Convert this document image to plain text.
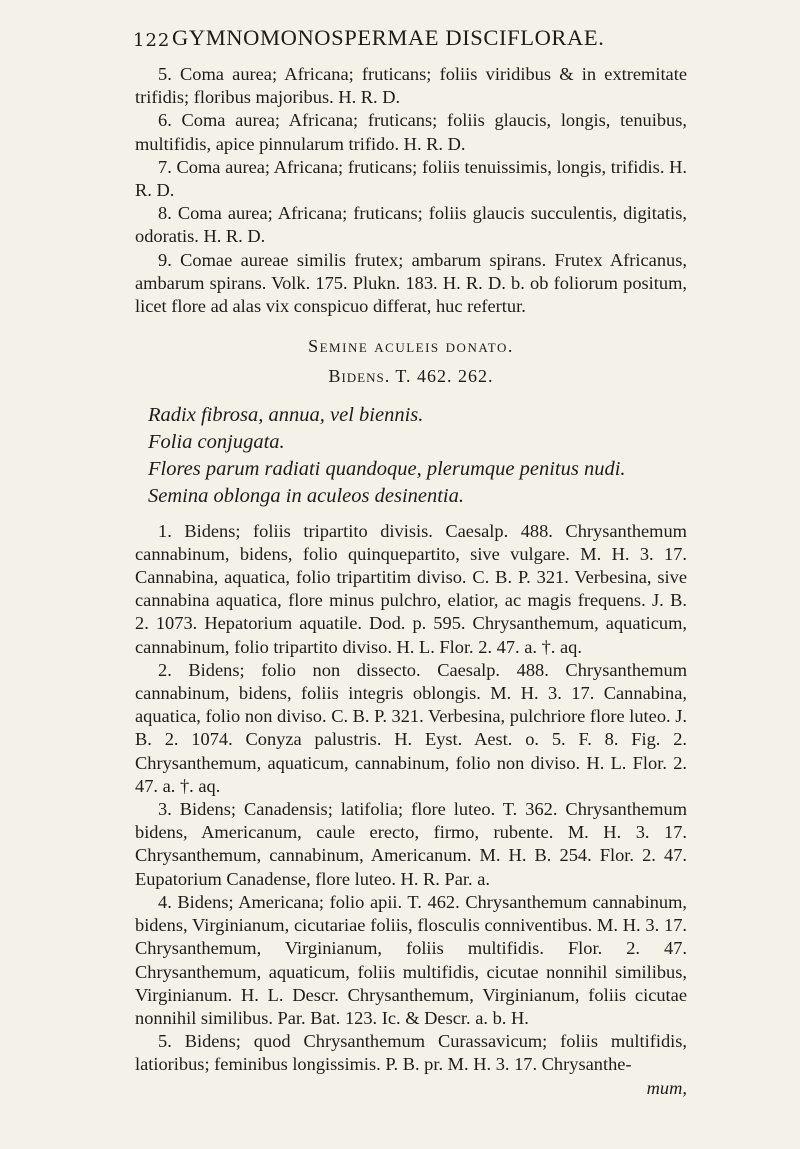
122 GYMNOMONOSPERMAE DISCIFLORAE.

5. Coma aurea; Africana; fruticans; foliis viridibus & in extremitate trifidis; floribus majoribus. H. R. D.

6. Coma aurea; Africana; fruticans; foliis glaucis, longis, tenuibus, multifidis, apice pinnularum trifido. H. R. D.

7. Coma aurea; Africana; fruticans; foliis tenuissimis, longis, trifidis. H. R. D.

8. Coma aurea; Africana; fruticans; foliis glaucis succulentis, digitatis, odoratis. H. R. D.

9. Comae aureae similis frutex; ambarum spirans. Frutex Africanus, ambarum spirans. Volk. 175. Plukn. 183. H. R. D. b. ob foliorum positum, licet flore ad alas vix conspicuo differat, huc refertur.

Semine aculeis donato.
Bidens. T. 462. 262.

Radix fibrosa, annua, vel biennis.

Folia conjugata.

Flores parum radiati quandoque, plerumque penitus nudi.

Semina oblonga in aculeos desinentia.

1. Bidens; foliis tripartito divisis. Caesalp. 488. Chrysanthemum cannabinum, bidens, folio quinquepartito, sive vulgare. M. H. 3. 17. Cannabina, aquatica, folio tripartitim diviso. C. B. P. 321. Verbesina, sive cannabina aquatica, flore minus pulchro, elatior, ac magis frequens. J. B. 2. 1073. Hepatorium aquatile. Dod. p. 595. Chrysanthemum, aquaticum, cannabinum, folio tripartito diviso. H. L. Flor. 2. 47. a. †. aq.

2. Bidens; folio non dissecto. Caesalp. 488. Chrysanthemum cannabinum, bidens, foliis integris oblongis. M. H. 3. 17. Cannabina, aquatica, folio non diviso. C. B. P. 321. Verbesina, pulchriore flore luteo. J. B. 2. 1074. Conyza palustris. H. Eyst. Aest. o. 5. F. 8. Fig. 2. Chrysanthemum, aquaticum, cannabinum, folio non diviso. H. L. Flor. 2. 47. a. †. aq.

3. Bidens; Canadensis; latifolia; flore luteo. T. 362. Chrysanthemum bidens, Americanum, caule erecto, firmo, rubente. M. H. 3. 17. Chrysanthemum, cannabinum, Americanum. M. H. B. 254. Flor. 2. 47. Eupatorium Canadense, flore luteo. H. R. Par. a.

4. Bidens; Americana; folio apii. T. 462. Chrysanthemum cannabinum, bidens, Virginianum, cicutariae foliis, flosculis conniventibus. M. H. 3. 17. Chrysanthemum, Virginianum, foliis multifidis. Flor. 2. 47. Chrysanthemum, aquaticum, foliis multifidis, cicutae nonnihil similibus, Virginianum. H. L. Descr. Chrysanthemum, Virginianum, foliis cicutae nonnihil similibus. Par. Bat. 123. Ic. & Descr. a. b. H.

5. Bidens; quod Chrysanthemum Curassavicum; foliis multifidis, latioribus; feminibus longissimis. P. B. pr. M. H. 3. 17. Chrysanthe-

mum,
